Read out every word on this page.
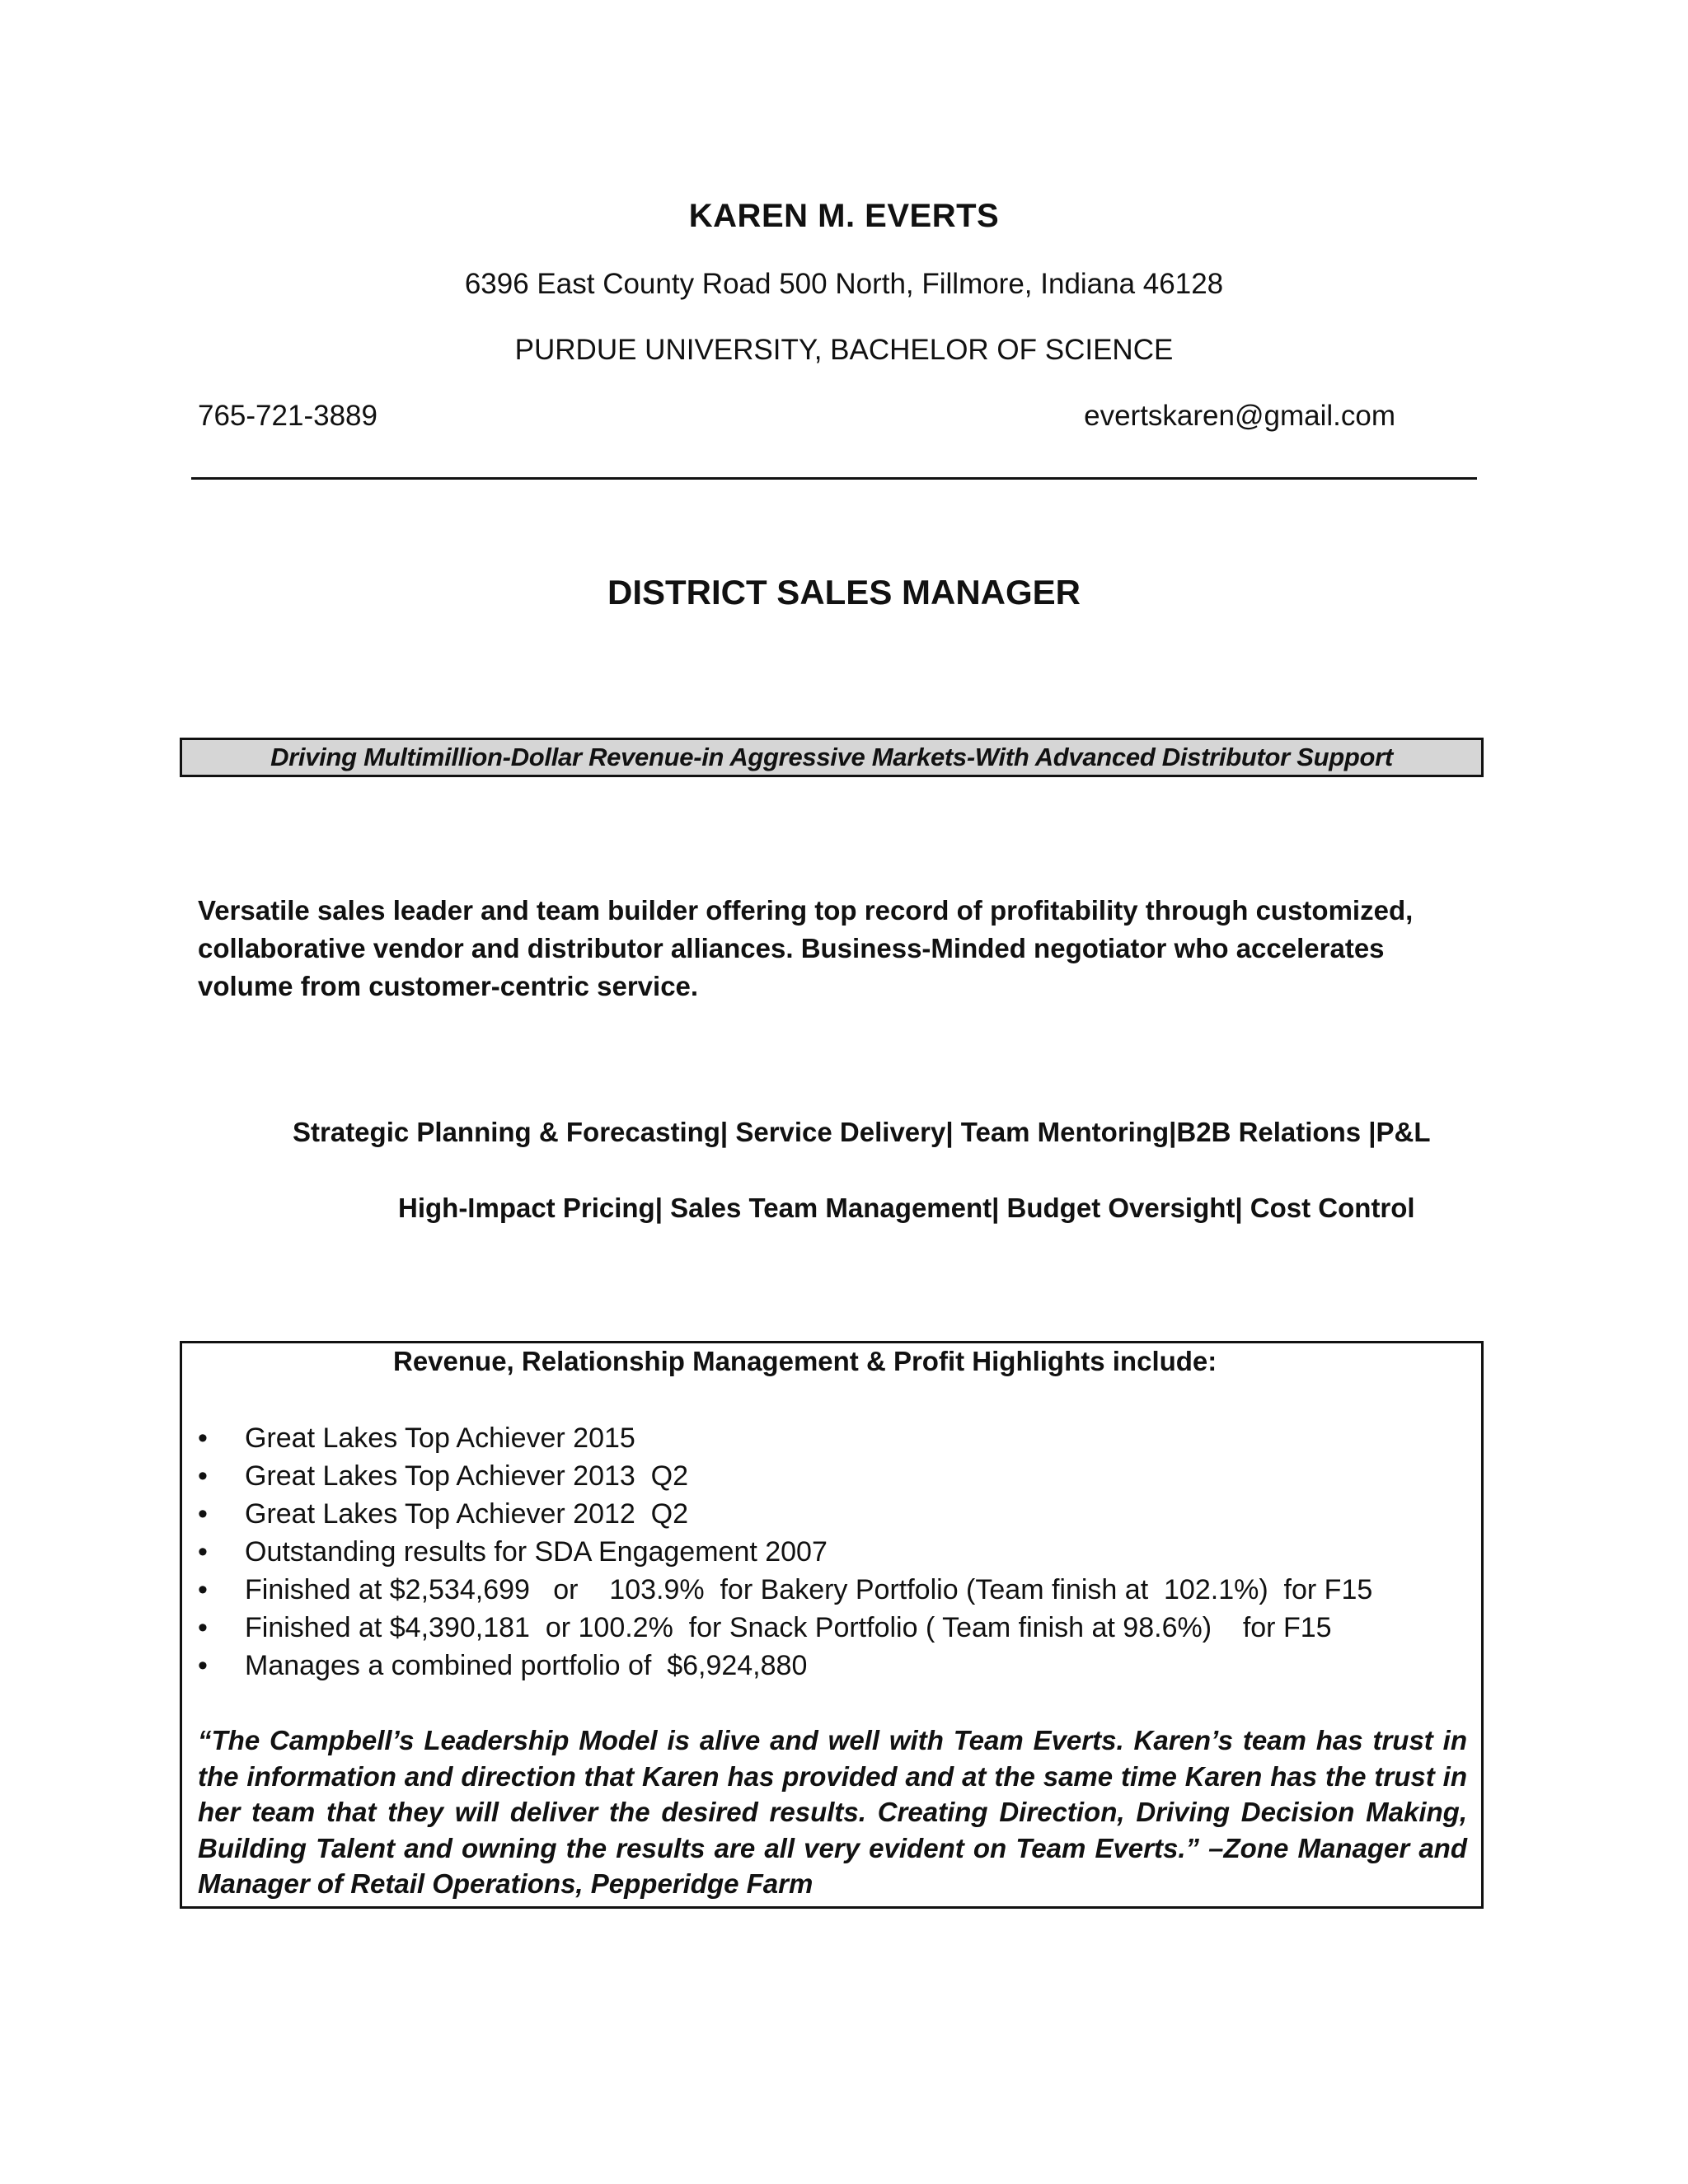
KAREN M. EVERTS
6396 East County Road 500 North, Fillmore, Indiana 46128
PURDUE UNIVERSITY, BACHELOR OF SCIENCE
765-721-3889	evertskaren@gmail.com
DISTRICT SALES MANAGER
Driving Multimillion-Dollar Revenue-in Aggressive Markets-With Advanced Distributor Support
Versatile sales leader and team builder offering top record of profitability through customized, collaborative vendor and distributor alliances. Business-Minded negotiator who accelerates volume from customer-centric service.
Strategic Planning & Forecasting| Service Delivery| Team Mentoring|B2B Relations |P&L
High-Impact Pricing| Sales Team Management| Budget Oversight| Cost Control
Revenue, Relationship Management & Profit Highlights include:
• Great Lakes Top Achiever 2015
• Great Lakes Top Achiever 2013  Q2
• Great Lakes Top Achiever 2012  Q2
• Outstanding results for SDA Engagement 2007
• Finished at $2,534,699   or    103.9%  for Bakery Portfolio (Team finish at  102.1%)  for F15
• Finished at $4,390,181  or 100.2%  for Snack Portfolio ( Team finish at 98.6%)    for F15
• Manages a combined portfolio of  $6,924,880
“The Campbell’s Leadership Model is alive and well with Team Everts. Karen’s team has trust in the information and direction that Karen has provided and at the same time Karen has the trust in her team that they will deliver the desired results. Creating Direction, Driving Decision Making, Building Talent and owning the results are all very evident on Team Everts.” –Zone Manager and Manager of Retail Operations, Pepperidge Farm
